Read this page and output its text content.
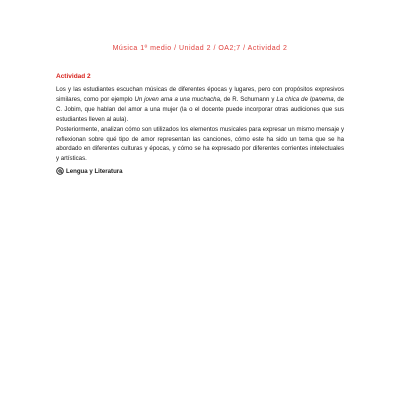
Música 1º medio / Unidad 2 / OA2;7 / Actividad 2
Actividad 2

Los y las estudiantes escuchan músicas de diferentes épocas y lugares, pero con propósitos expresivos similares, como por ejemplo Un joven ama a una muchacha, de R. Schumann y La chica de Ipanema, de C. Jobim, que hablan del amor a una mujer (la o el docente puede incorporar otras audiciones que sus estudiantes lleven al aula).

Posteriormente, analizan cómo son utilizados los elementos musicales para expresar un mismo mensaje y reflexionan sobre qué tipo de amor representan las canciones, cómo este ha sido un tema que se ha abordado en diferentes culturas y épocas, y cómo se ha expresado por diferentes corrientes intelectuales y artísticas.

Lengua y Literatura
